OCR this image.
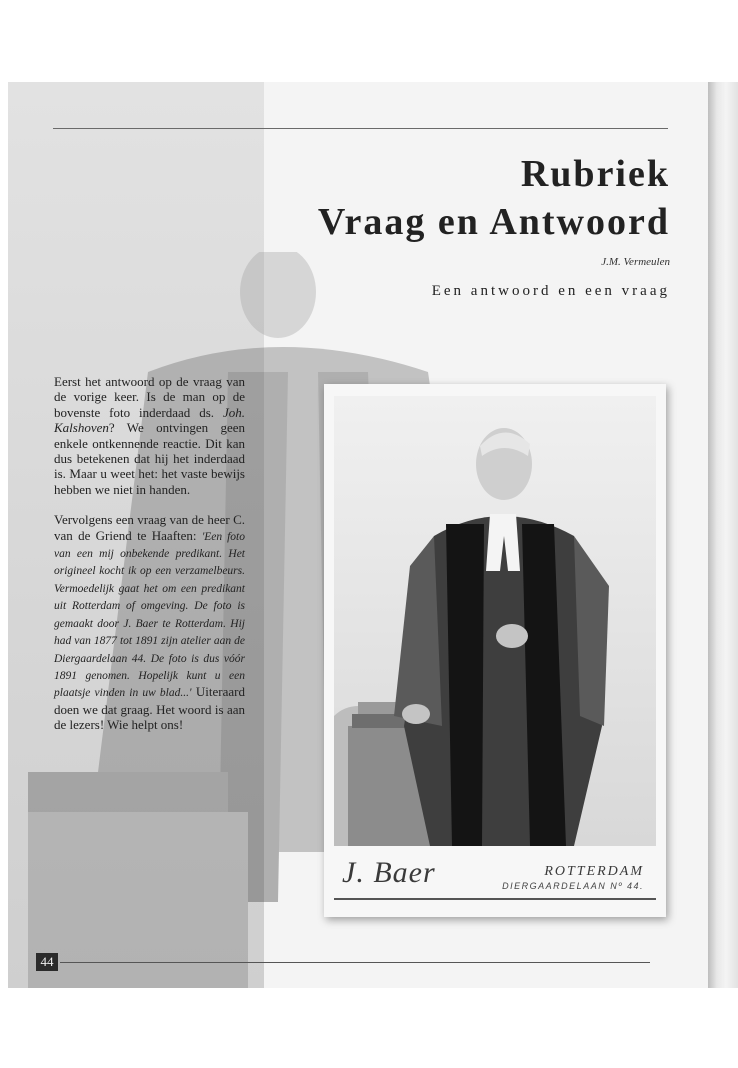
Rubriek
Vraag en Antwoord
J.M. Vermeulen
Een antwoord en een vraag

Eerst het antwoord op de vraag van de vorige keer. Is de man op de bovenste foto inderdaad ds. Joh. Kalshoven? We ontvingen geen enkele ontkennende reactie. Dit kan dus betekenen dat hij het inderdaad is. Maar u weet het: het vaste bewijs hebben we niet in handen.

Vervolgens een vraag van de heer C. van de Griend te Haaften: 'Een foto van een mij onbekende predikant. Het origineel kocht ik op een verzamelbeurs. Vermoedelijk gaat het om een predikant uit Rotterdam of omgeving. De foto is gemaakt door J. Baer te Rotterdam. Hij had van 1877 tot 1891 zijn atelier aan de Diergaardelaan 44. De foto is dus vóór 1891 genomen. Hopelijk kunt u een plaatsje vinden in uw blad...' Uiteraard doen we dat graag. Het woord is aan de lezers! Wie helpt ons!

J. Baer	ROTTERDAM
DIERGAARDELAAN Nº 44.
44
